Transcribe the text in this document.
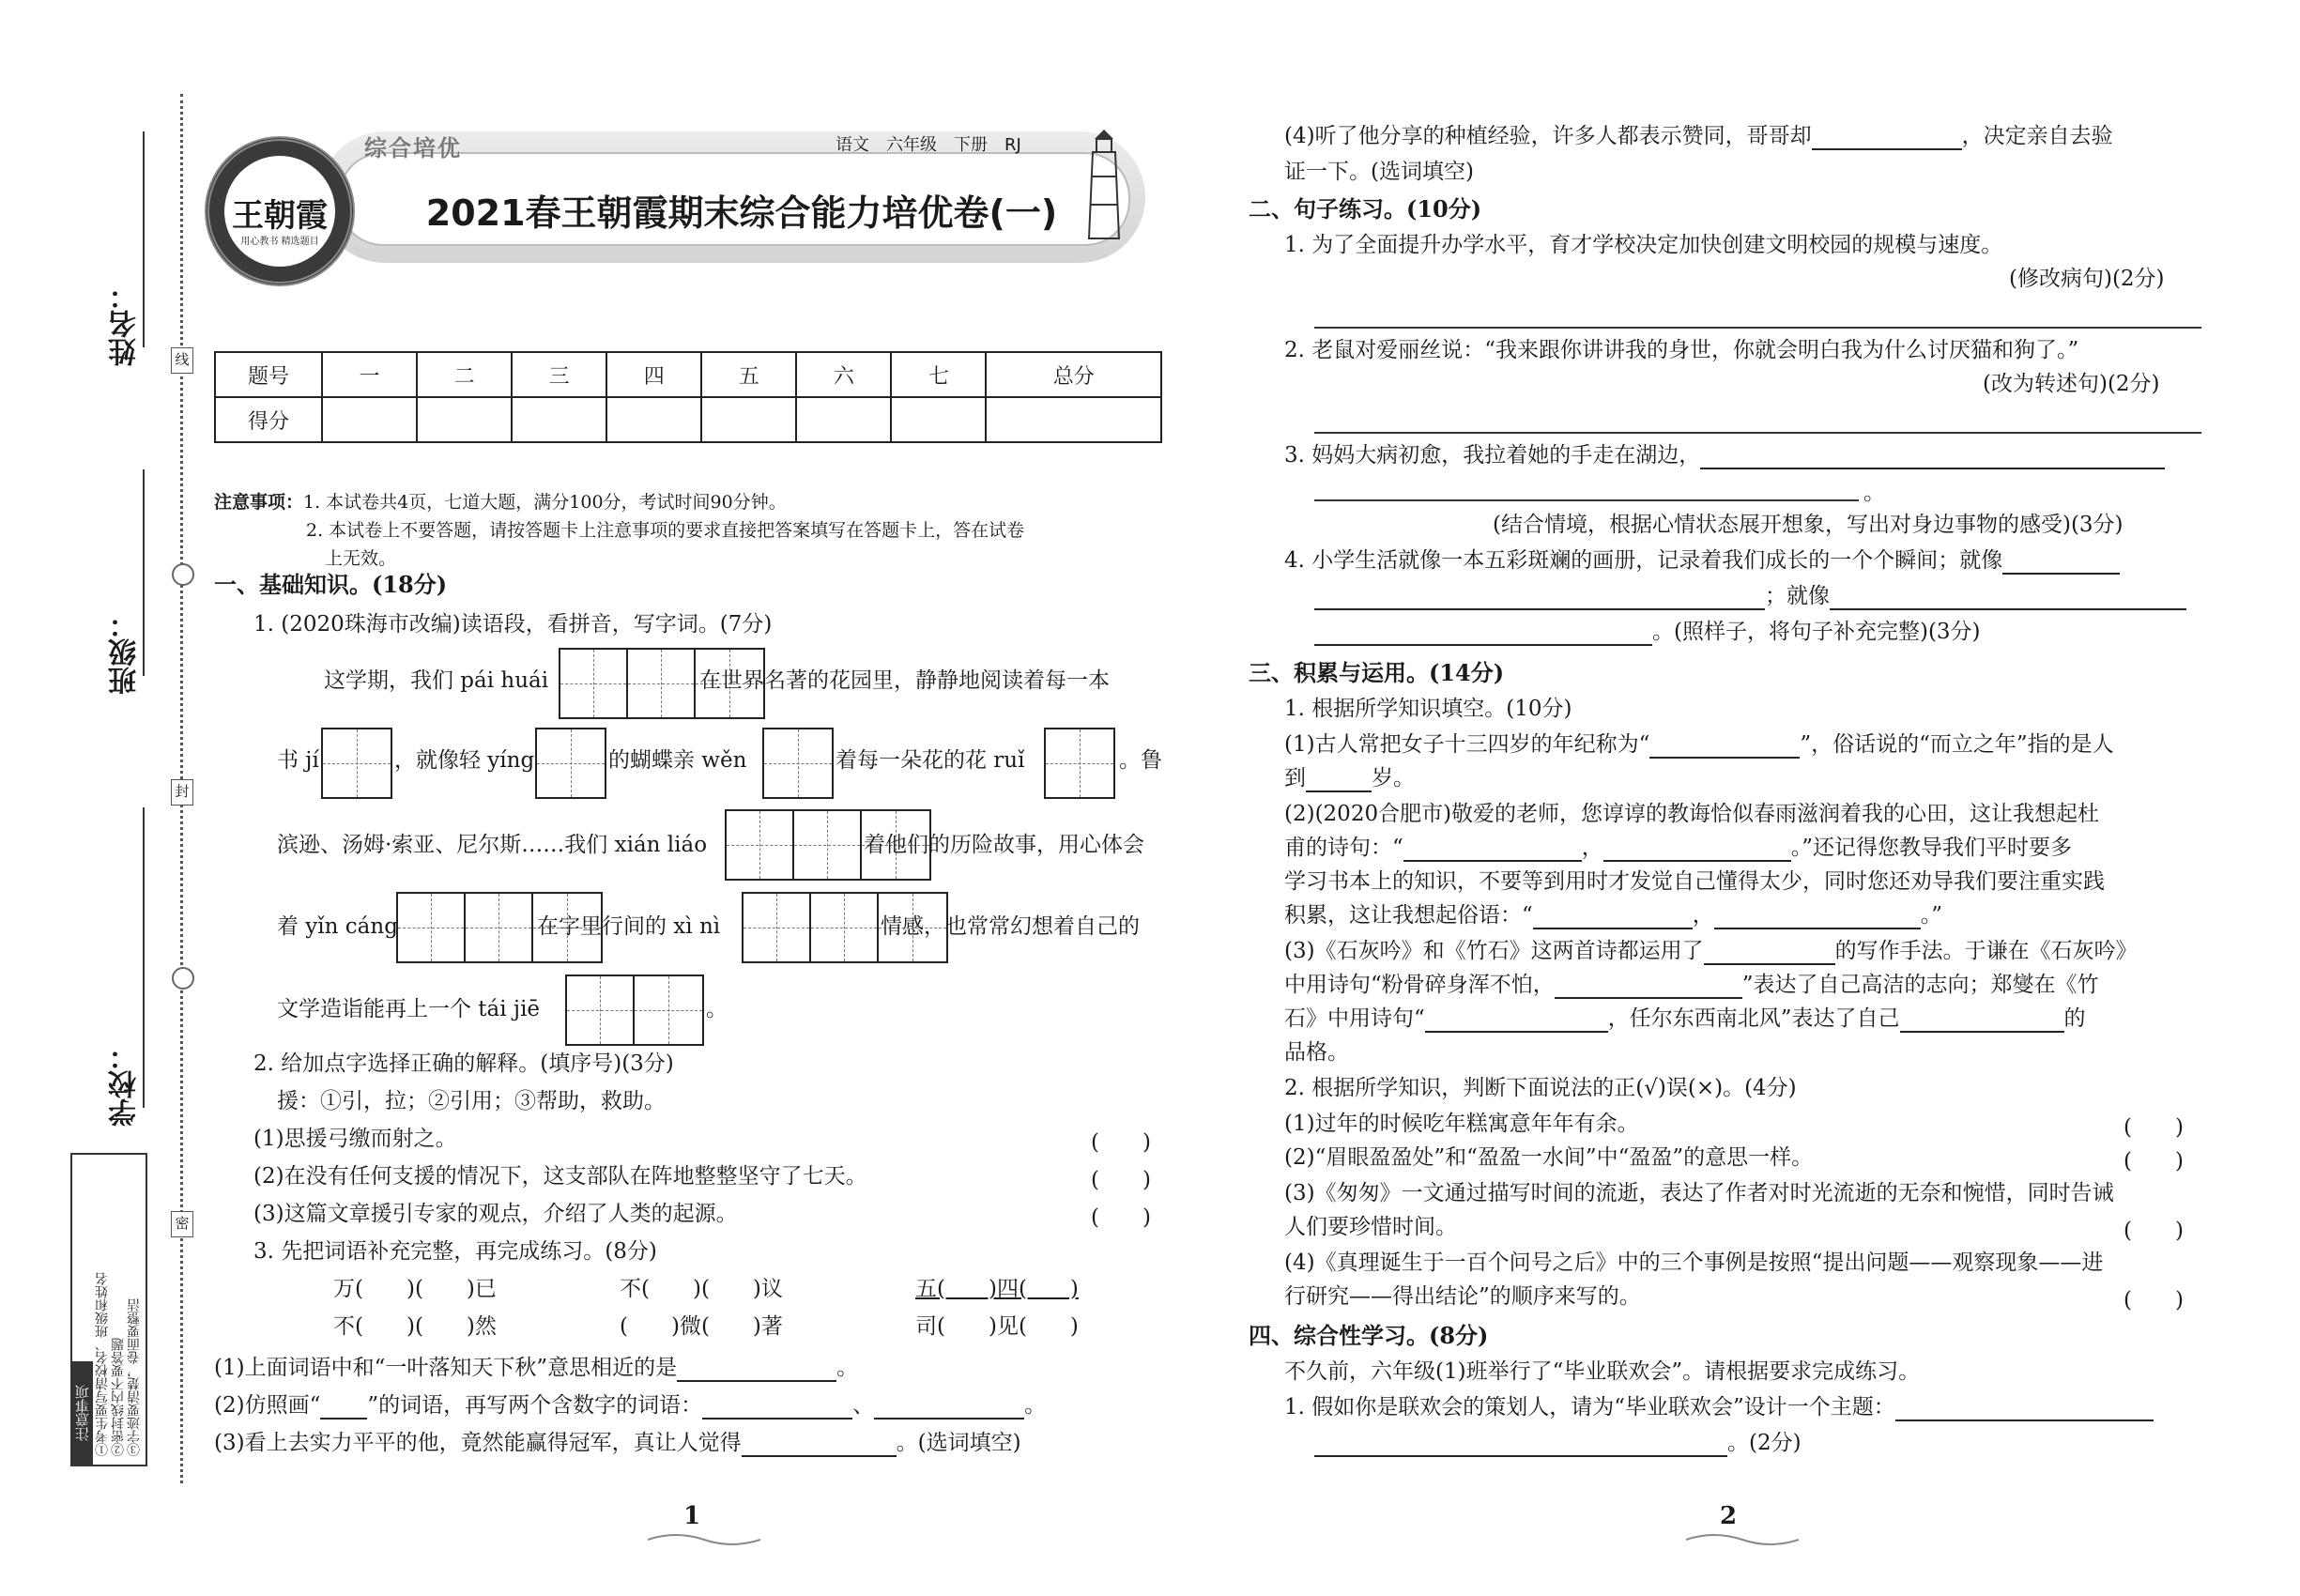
线
封
密
姓名：
班级：
学校：
注意事项 ①考生要写清校名、班级和姓名 ②密封线内不要答题 ③字迹要清楚，卷面要整洁
综合培优	语文　六年级　下册　RJ
2021春王朝霞期末综合能力培优卷(一)
王朝霞
用心教书 精选题目
题号	一	二	三	四	五	六	七	总分
得分								
注意事项：1. 本试卷共4页，七道大题，满分100分，考试时间90分钟。
2. 本试卷上不要答题，请按答题卡上注意事项的要求直接把答案填写在答题卡上，答在试卷
上无效。
一、基础知识。(18分)
1. (2020珠海市改编)读语段，看拼音，写字词。(7分)
这学期，我们 pái huái	在世界名著的花园里，静静地阅读着每一本
书 jí	，就像轻 yíng	的蝴蝶亲 wěn	着每一朵花的花 ruǐ	。鲁
滨逊、汤姆·索亚、尼尔斯……我们 xián liáo	着他们的历险故事，用心体会
着 yǐn cáng	在字里行间的 xì nì	情感，也常常幻想着自己的
文学造诣能再上一个 tái jiē	。
2. 给加点字选择正确的解释。(填序号)(3分)
援：①引，拉；②引用；③帮助，救助。
(1)思援弓缴而射之。	(　　)
(2)在没有任何支援的情况下，这支部队在阵地整整坚守了七天。	(　　)
(3)这篇文章援引专家的观点，介绍了人类的起源。	(　　)
3. 先把词语补充完整，再完成练习。(8分)
万(　　)(　　)已	不(　　)(　　)议	五(　　)四(　　)
不(　　)(　　)然	(　　)微(　　)著	司(　　)见(　　)
(1)上面词语中和“一叶落知天下秋”意思相近的是	。
(2)仿照画“ ”的词语，再写两个含数字的词语：	、	。
(3)看上去实力平平的他，竟然能赢得冠军，真让人觉得	。(选词填空)
1
(4)听了他分享的种植经验，许多人都表示赞同，哥哥却	，决定亲自去验
证一下。(选词填空)
二、句子练习。(10分)
1. 为了全面提升办学水平，育才学校决定加快创建文明校园的规模与速度。
(修改病句)(2分)
2. 老鼠对爱丽丝说：“我来跟你讲讲我的身世，你就会明白我为什么讨厌猫和狗了。”
(改为转述句)(2分)
3. 妈妈大病初愈，我拉着她的手走在湖边，
。
(结合情境，根据心情状态展开想象，写出对身边事物的感受)(3分)
4. 小学生活就像一本五彩斑斓的画册，记录着我们成长的一个个瞬间；就像
；就像
。(照样子，将句子补充完整)(3分)
三、积累与运用。(14分)
1. 根据所学知识填空。(10分)
(1)古人常把女子十三四岁的年纪称为“	”，俗话说的“而立之年”指的是人
到	岁。
(2)(2020合肥市)敬爱的老师，您谆谆的教诲恰似春雨滋润着我的心田，这让我想起杜
甫的诗句：“	，	。”还记得您教导我们平时要多
学习书本上的知识，不要等到用时才发觉自己懂得太少，同时您还劝导我们要注重实践
积累，这让我想起俗语：“	，	。”
(3)《石灰吟》和《竹石》这两首诗都运用了	的写作手法。于谦在《石灰吟》
中用诗句“粉骨碎身浑不怕，	”表达了自己高洁的志向；郑燮在《竹
石》中用诗句“	，任尔东西南北风”表达了自己	的
品格。
2. 根据所学知识，判断下面说法的正(√)误(×)。(4分)
(1)过年的时候吃年糕寓意年年有余。	(　　)
(2)“眉眼盈盈处”和“盈盈一水间”中“盈盈”的意思一样。	(　　)
(3)《匆匆》一文通过描写时间的流逝，表达了作者对时光流逝的无奈和惋惜，同时告诫
人们要珍惜时间。	(　　)
(4)《真理诞生于一百个问号之后》中的三个事例是按照“提出问题——观察现象——进
行研究——得出结论”的顺序来写的。	(　　)
四、综合性学习。(8分)
不久前，六年级(1)班举行了“毕业联欢会”。请根据要求完成练习。
1. 假如你是联欢会的策划人，请为“毕业联欢会”设计一个主题：
。(2分)
2
